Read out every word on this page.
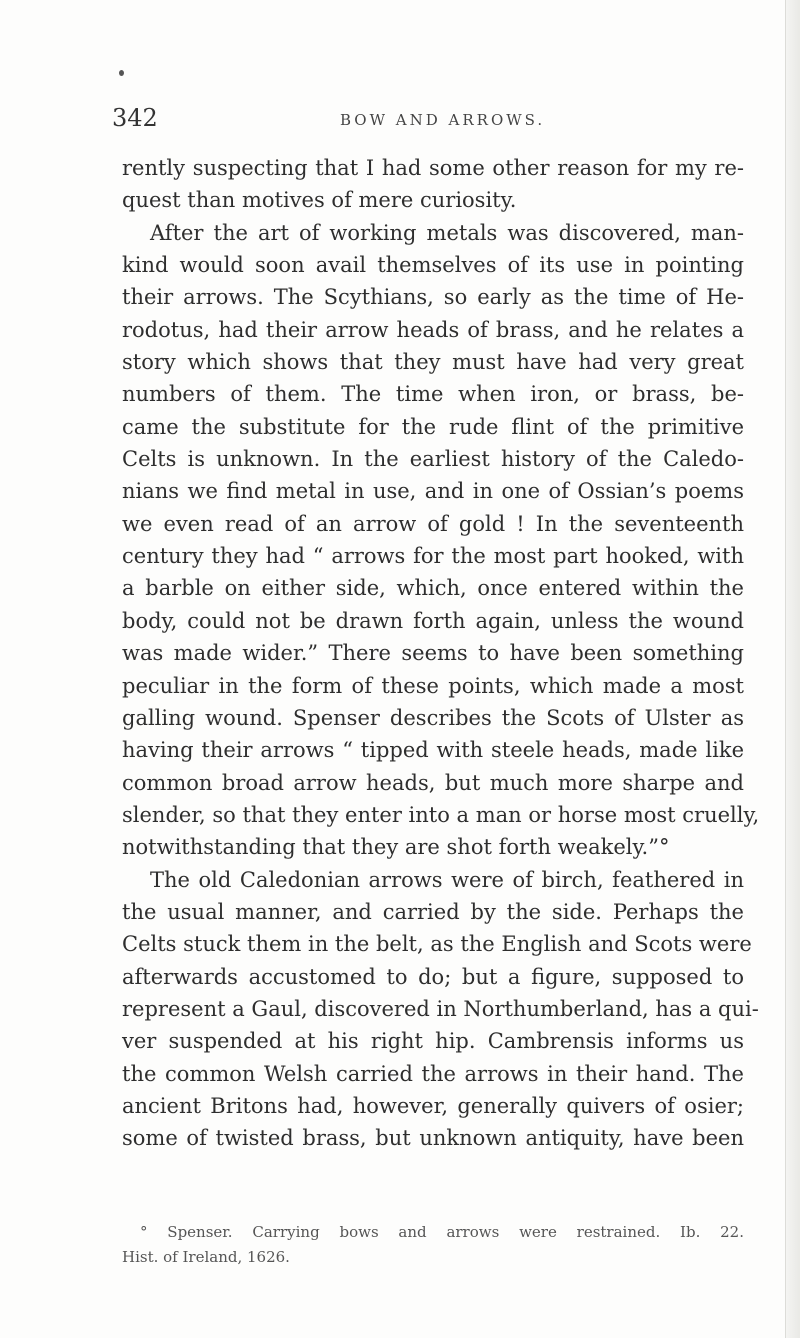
342	BOW AND ARROWS.
rently suspecting that I had some other reason for my re-
quest than motives of mere curiosity.
After the art of working metals was discovered, man-
kind would soon avail themselves of its use in pointing
their arrows. The Scythians, so early as the time of He-
rodotus, had their arrow heads of brass, and he relates a
story which shows that they must have had very great
numbers of them. The time when iron, or brass, be-
came the substitute for the rude flint of the primitive
Celts is unknown. In the earliest history of the Caledo-
nians we find metal in use, and in one of Ossian’s poems
we even read of an arrow of gold ! In the seventeenth
century they had “ arrows for the most part hooked, with
a barble on either side, which, once entered within the
body, could not be drawn forth again, unless the wound
was made wider.” There seems to have been something
peculiar in the form of these points, which made a most
galling wound. Spenser describes the Scots of Ulster as
having their arrows “ tipped with steele heads, made like
common broad arrow heads, but much more sharpe and
slender, so that they enter into a man or horse most cruelly,
notwithstanding that they are shot forth weakely.”°
The old Caledonian arrows were of birch, feathered in
the usual manner, and carried by the side. Perhaps the
Celts stuck them in the belt, as the English and Scots were
afterwards accustomed to do; but a figure, supposed to
represent a Gaul, discovered in Northumberland, has a qui-
ver suspended at his right hip. Cambrensis informs us
the common Welsh carried the arrows in their hand. The
ancient Britons had, however, generally quivers of osier;
some of twisted brass, but unknown antiquity, have been
° Spenser. Carrying bows and arrows were restrained. Ib. 22.
Hist. of Ireland, 1626.
